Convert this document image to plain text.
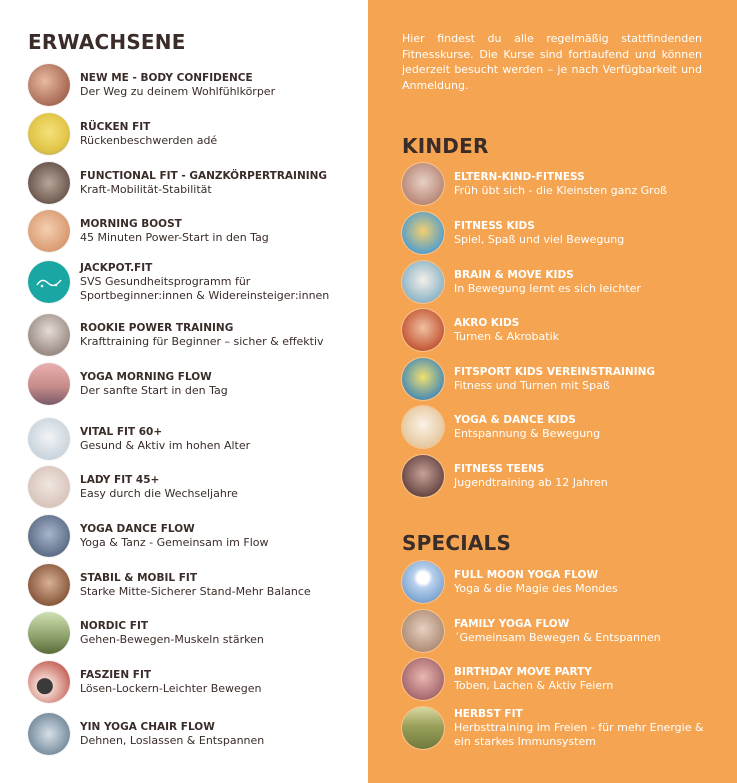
ERWACHSENE
NEW ME - BODY CONFIDENCE
Der Weg zu deinem Wohlfühlkörper
RÜCKEN FIT
Rückenbeschwerden adé
FUNCTIONAL FIT - GANZKÖRPERTRAINING
Kraft-Mobilität-Stabilität
MORNING BOOST
45 Minuten Power-Start in den Tag
JACKPOT.FIT
SVS Gesundheitsprogramm für Sportbeginner:innen & Widereinsteiger:innen
ROOKIE POWER TRAINING
Krafttraining für Beginner – sicher & effektiv
YOGA MORNING FLOW
Der sanfte Start in den Tag
VITAL FIT 60+
Gesund & Aktiv im hohen Alter
LADY FIT 45+
Easy durch die Wechseljahre
YOGA DANCE FLOW
Yoga & Tanz - Gemeinsam im Flow
STABIL & MOBIL FIT
Starke Mitte-Sicherer Stand-Mehr Balance
NORDIC FIT
Gehen-Bewegen-Muskeln stärken
FASZIEN FIT
Lösen-Lockern-Leichter Bewegen
YIN YOGA CHAIR FLOW
Dehnen, Loslassen & Entspannen

Hier findest du alle regelmäßig stattfindenden Fitnesskurse. Die Kurse sind fortlaufend und können jederzeit besucht werden – je nach Verfügbarkeit und Anmeldung.

KINDER
ELTERN-KIND-FITNESS
Früh übt sich - die Kleinsten ganz Groß
FITNESS KIDS
Spiel, Spaß und viel Bewegung
BRAIN & MOVE KIDS
In Bewegung lernt es sich leichter
AKRO KIDS
Turnen & Akrobatik
FITSPORT KIDS VEREINSTRAINING
Fitness und Turnen mit Spaß
YOGA & DANCE KIDS
Entspannung & Bewegung
FITNESS TEENS
Jugendtraining ab 12 Jahren
SPECIALS
FULL MOON YOGA FLOW
Yoga & die Magie des Mondes
FAMILY YOGA FLOW
´Gemeinsam Bewegen & Entspannen
BIRTHDAY MOVE PARTY
Toben, Lachen & Aktiv Feiern
HERBST FIT
Herbsttraining im Freien - für mehr Energie & ein starkes Immunsystem
